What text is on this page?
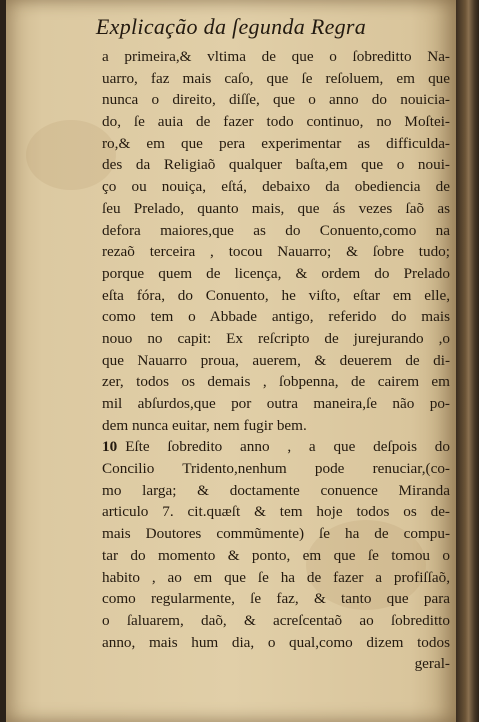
Explicação da ſegunda Regra
a primeira,& vltima de que o ſobreditto Na-
uarro, faz mais caſo, que ſe reſoluem, em que
nunca o direito, diſſe, que o anno do nouicia-
do, ſe auia de fazer todo continuo, no Moſtei-
ro,& em que pera experimentar as difficulda-
des da Religiaõ qualquer baſta,em que o noui-
ço ou nouiça, eſtá, debaixo da obediencia de
ſeu Prelado, quanto mais, que ás vezes ſaõ as
defora maiores,que as do Conuento,como na
rezaõ terceira , tocou Nauarro; & ſobre tudo;
porque quem de licença, & ordem do Prelado
eſta fóra, do Conuento, he viſto, eſtar em elle,
como tem o Abbade antigo, referido do mais
nouo no capit: Ex reſcripto de jurejurando ,o
que Nauarro proua, auerem, & deuerem de di-
zer, todos os demais , ſobpenna, de cairem em
mil abſurdos,que por outra maneira,ſe não po-
dem nunca euitar, nem fugir bem.
10 Eſte ſobredito anno , a que deſpois do
Concilio Tridento,nenhum pode renuciar,(co-
mo larga; & doctamente conuence Miranda
articulo 7. cit.quæſt & tem hoje todos os de-
mais Doutores commũmente) ſe ha de compu-
tar do momento & ponto, em que ſe tomou o
habito , ao em que ſe ha de fazer a profiſſaõ,
como regularmente, ſe faz, & tanto que para
o ſaluarem, daõ, & acreſcentaõ ao ſobreditto
anno, mais hum dia, o qual,como dizem todos
geral-
